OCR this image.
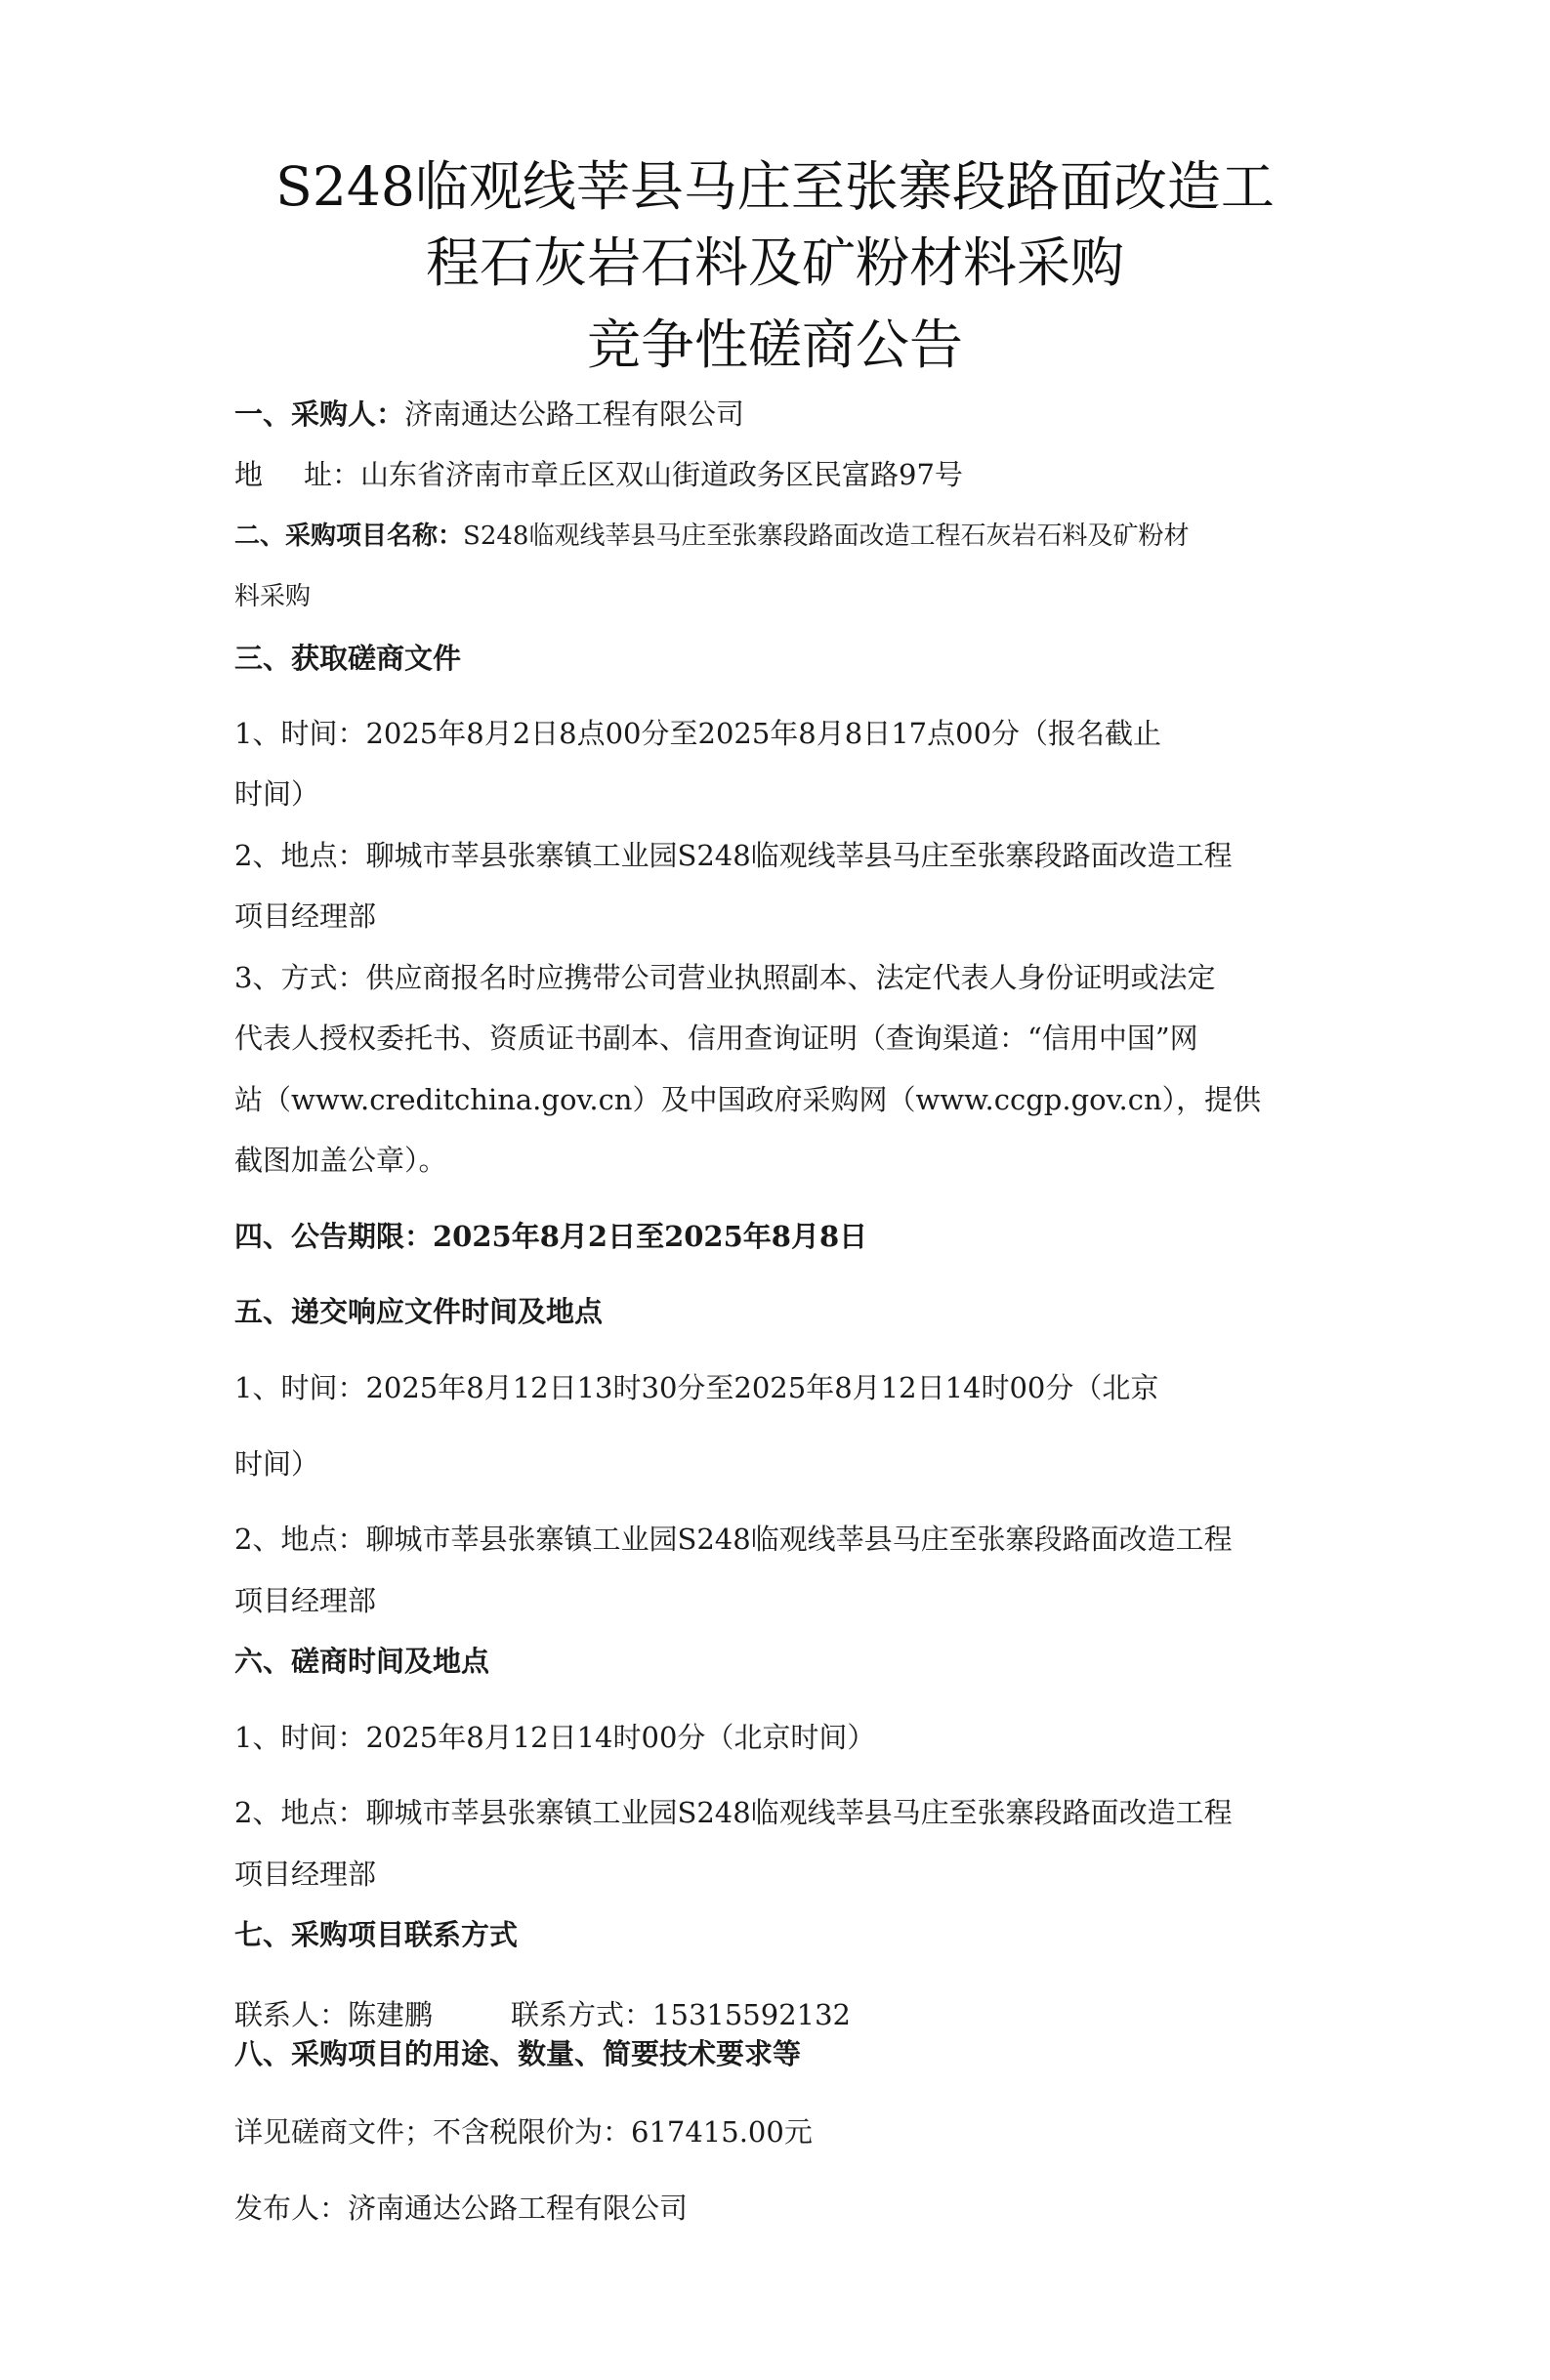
S248临观线莘县马庄至张寨段路面改造工
程石灰岩石料及矿粉材料采购
竞争性磋商公告
一、采购人：济南通达公路工程有限公司
地 址：山东省济南市章丘区双山街道政务区民富路97号
二、采购项目名称：S248临观线莘县马庄至张寨段路面改造工程石灰岩石料及矿粉材
料采购
三、获取磋商文件
1、时间：2025年8月2日8点00分至2025年8月8日17点00分（报名截止
时间）
2、地点：聊城市莘县张寨镇工业园S248临观线莘县马庄至张寨段路面改造工程
项目经理部
3、方式：供应商报名时应携带公司营业执照副本、法定代表人身份证明或法定
代表人授权委托书、资质证书副本、信用查询证明（查询渠道：“信用中国”网
站（www.creditchina.gov.cn）及中国政府采购网（www.ccgp.gov.cn），提供
截图加盖公章）。
四、公告期限：2025年8月2日至2025年8月8日
五、递交响应文件时间及地点
1、时间：2025年8月12日13时30分至2025年8月12日14时00分（北京
时间）
2、地点：聊城市莘县张寨镇工业园S248临观线莘县马庄至张寨段路面改造工程
项目经理部
六、磋商时间及地点
1、时间：2025年8月12日14时00分（北京时间）
2、地点：聊城市莘县张寨镇工业园S248临观线莘县马庄至张寨段路面改造工程
项目经理部
七、采购项目联系方式
联系人：陈建鹏	联系方式：15315592132
八、采购项目的用途、数量、简要技术要求等
详见磋商文件；不含税限价为：617415.00元
发布人：济南通达公路工程有限公司
